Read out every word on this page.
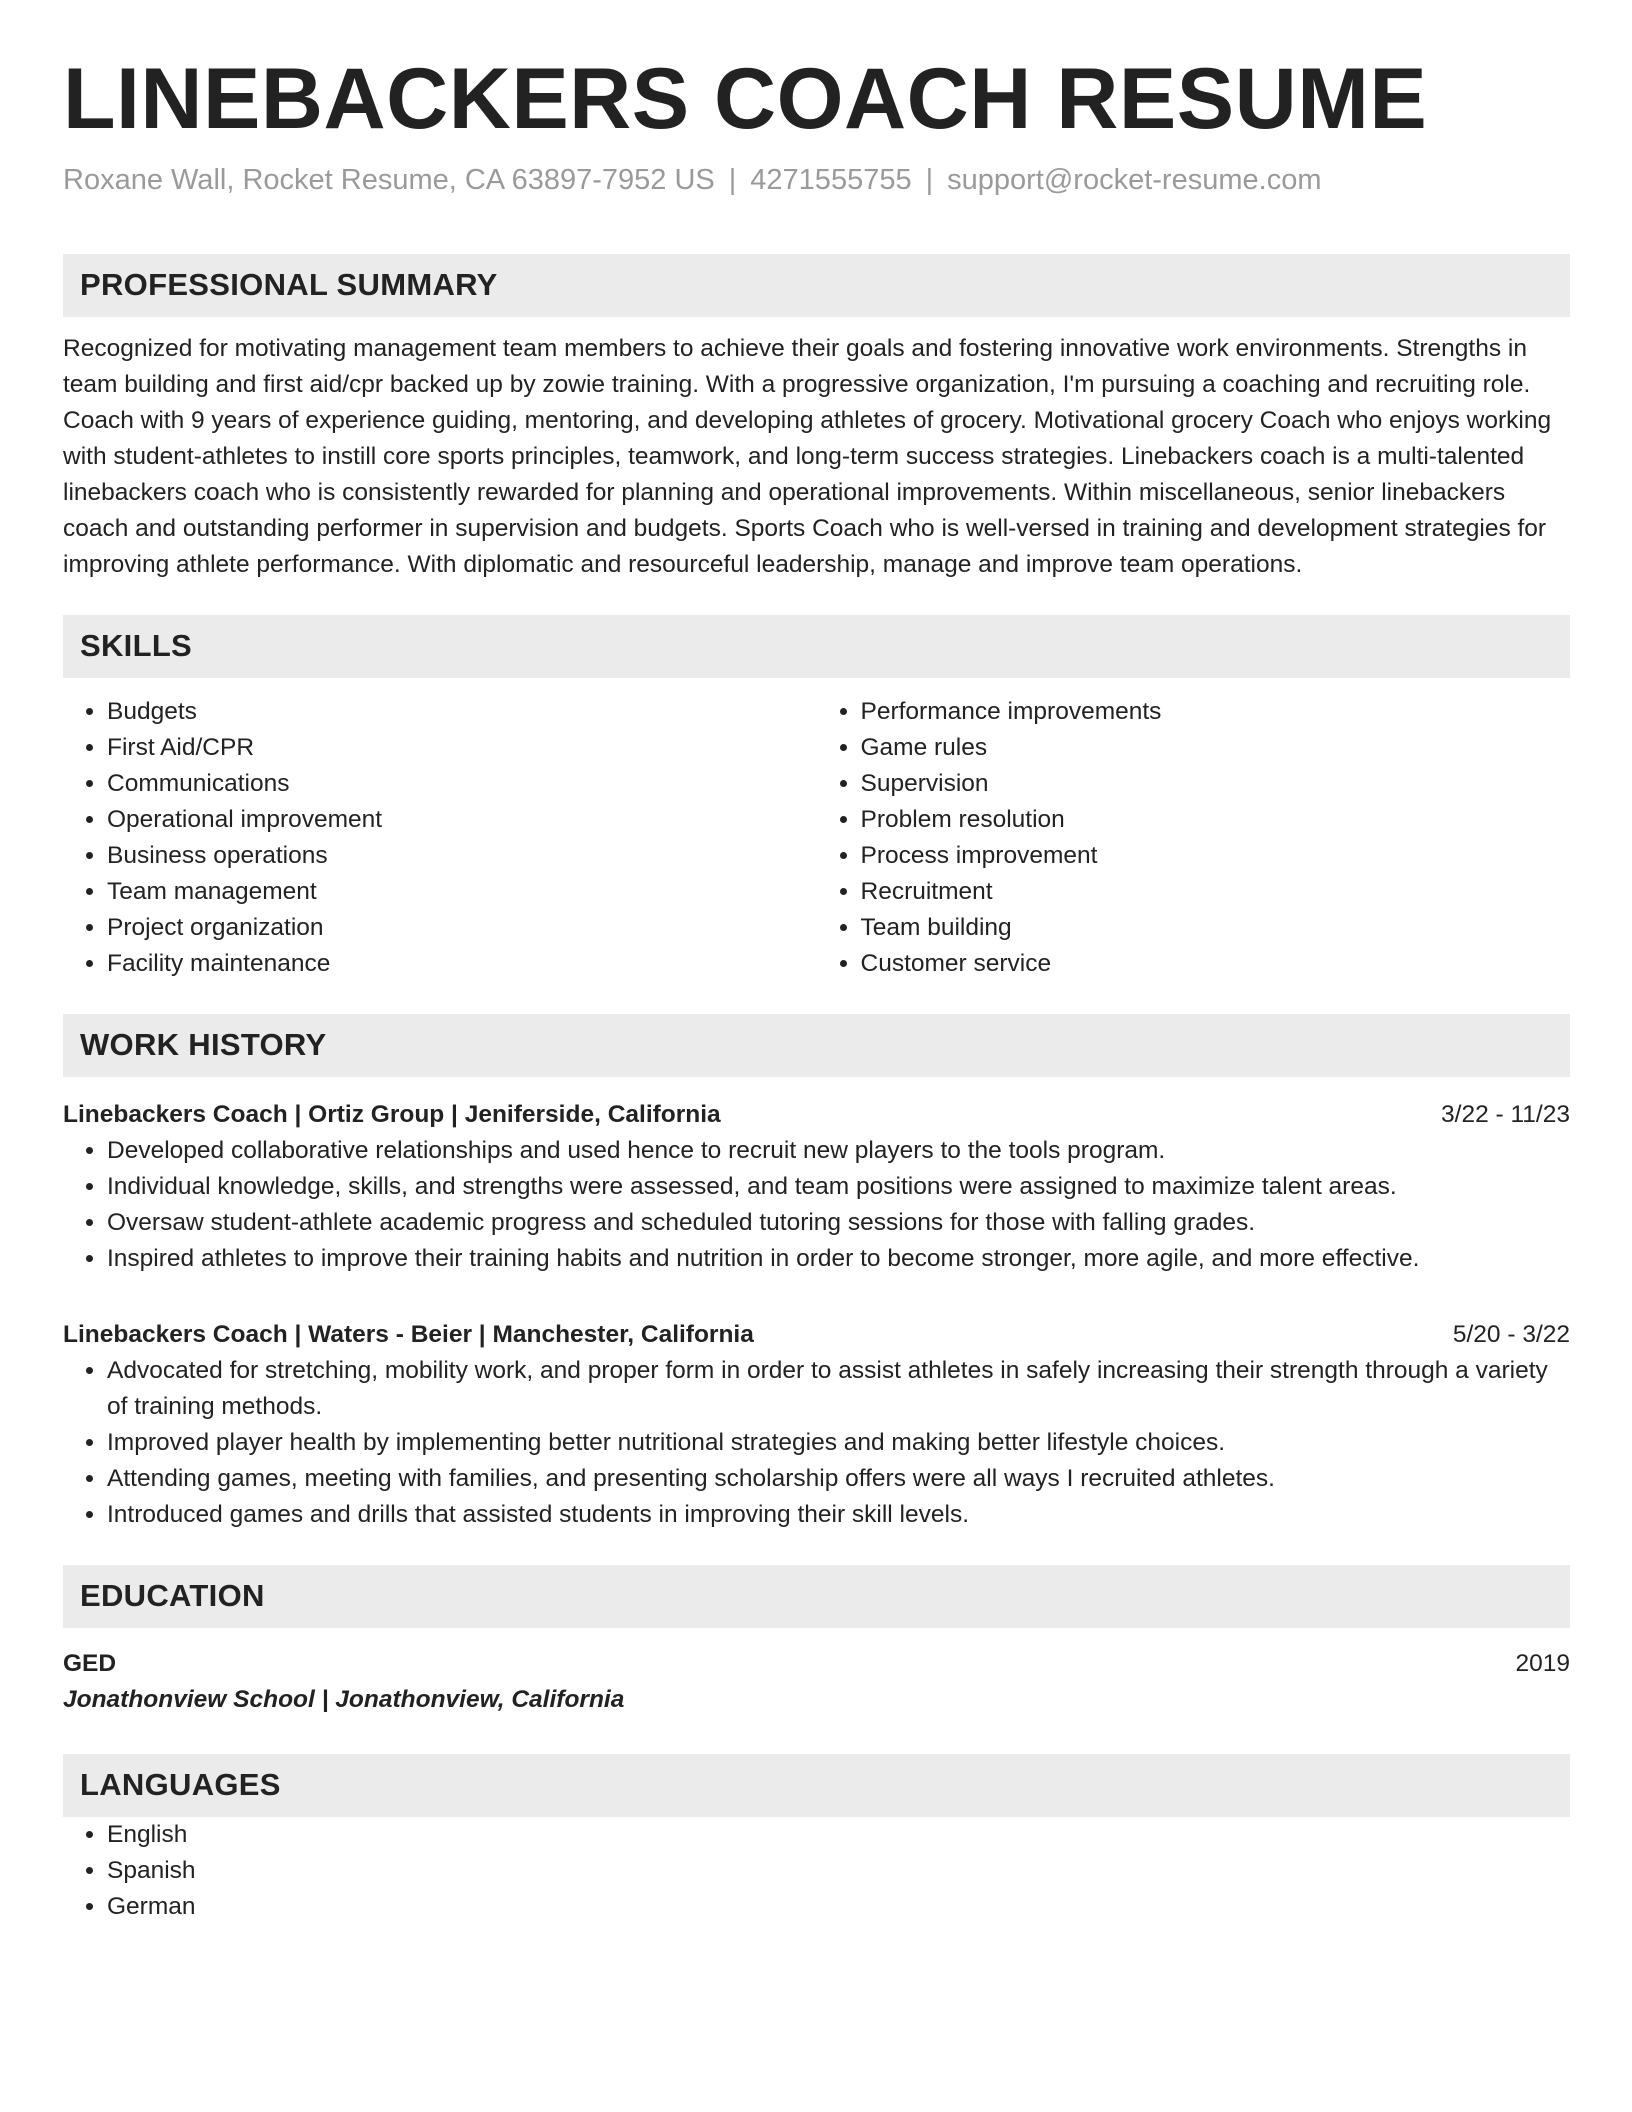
LINEBACKERS COACH RESUME
Roxane Wall, Rocket Resume, CA 63897-7952 US | 4271555755 | support@rocket-resume.com
PROFESSIONAL SUMMARY
Recognized for motivating management team members to achieve their goals and fostering innovative work environments. Strengths in team building and first aid/cpr backed up by zowie training. With a progressive organization, I'm pursuing a coaching and recruiting role. Coach with 9 years of experience guiding, mentoring, and developing athletes of grocery. Motivational grocery Coach who enjoys working with student-athletes to instill core sports principles, teamwork, and long-term success strategies. Linebackers coach is a multi-talented linebackers coach who is consistently rewarded for planning and operational improvements. Within miscellaneous, senior linebackers coach and outstanding performer in supervision and budgets. Sports Coach who is well-versed in training and development strategies for improving athlete performance. With diplomatic and resourceful leadership, manage and improve team operations.
SKILLS
• Budgets
• First Aid/CPR
• Communications
• Operational improvement
• Business operations
• Team management
• Project organization
• Facility maintenance
• Performance improvements
• Game rules
• Supervision
• Problem resolution
• Process improvement
• Recruitment
• Team building
• Customer service
WORK HISTORY
Linebackers Coach | Ortiz Group | Jeniferside, California	3/22 - 11/23
• Developed collaborative relationships and used hence to recruit new players to the tools program.
• Individual knowledge, skills, and strengths were assessed, and team positions were assigned to maximize talent areas.
• Oversaw student-athlete academic progress and scheduled tutoring sessions for those with falling grades.
• Inspired athletes to improve their training habits and nutrition in order to become stronger, more agile, and more effective.
Linebackers Coach | Waters - Beier | Manchester, California	5/20 - 3/22
• Advocated for stretching, mobility work, and proper form in order to assist athletes in safely increasing their strength through a variety of training methods.
• Improved player health by implementing better nutritional strategies and making better lifestyle choices.
• Attending games, meeting with families, and presenting scholarship offers were all ways I recruited athletes.
• Introduced games and drills that assisted students in improving their skill levels.
EDUCATION
GED	2019
Jonathonview School | Jonathonview, California
LANGUAGES
• English
• Spanish
• German
